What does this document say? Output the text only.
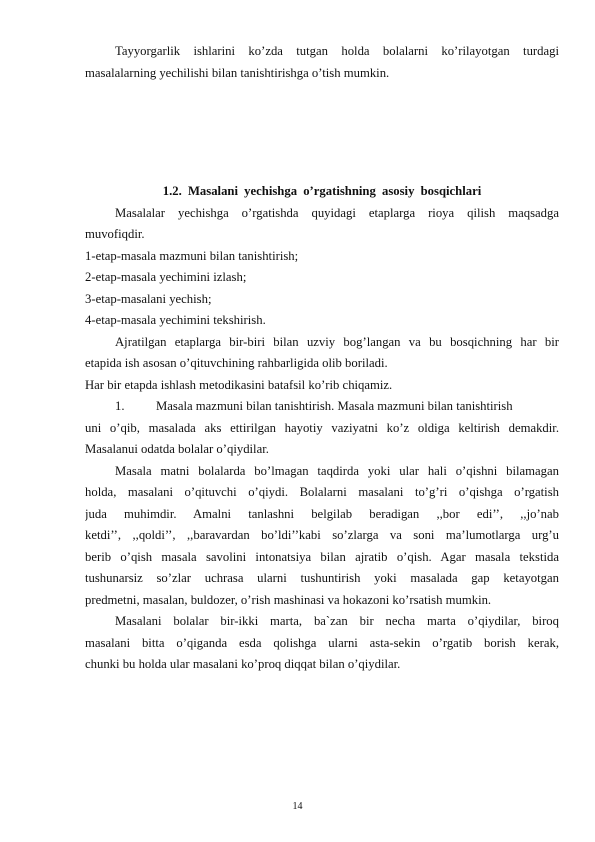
Tayyorgarlik ishlarini ko’zda tutgan holda bolalarni ko’rilayotgan turdagi
masalalarning yechilishi bilan tanishtirishga o’tish mumkin.
1.2. Masalani yechishga o’rgatishning asosiy bosqichlari
Masalalar yechishga o’rgatishda quyidagi etaplarga rioya qilish maqsadga
muvofiqdir.
1-etap-masala mazmuni bilan tanishtirish;
2-etap-masala yechimini izlash;
3-etap-masalani yechish;
4-etap-masala yechimini tekshirish.
Ajratilgan etaplarga bir-biri bilan uzviy bog’langan va bu bosqichning har bir
etapida ish asosan o’qituvchining rahbarligida olib boriladi.
Har bir etapda ishlash metodikasini batafsil ko’rib chiqamiz.
1. Masala mazmuni bilan tanishtirish. Masala mazmuni bilan tanishtirish
uni o’qib, masalada aks ettirilgan hayotiy vaziyatni ko’z oldiga keltirish demakdir.
Masalanui odatda bolalar o’qiydilar.
Masala matni bolalarda bo’lmagan taqdirda yoki ular hali o’qishni bilamagan
holda, masalani o’qituvchi o’qiydi. Bolalarni masalani to’g’ri o’qishga o’rgatish
juda muhimdir. Amalni tanlashni belgilab beradigan ,,bor edi’’, ,,jo’nab
ketdi’’, ,,qoldi’’, ,,baravardan bo’ldi’’kabi so’zlarga va soni ma’lumotlarga urg’u
berib o’qish masala savolini intonatsiya bilan ajratib o’qish. Agar masala tekstida
tushunarsiz so’zlar uchrasa ularni tushuntirish yoki masalada gap ketayotgan
predmetni, masalan, buldozer, o’rish mashinasi va hokazoni ko’rsatish mumkin.
Masalani bolalar bir-ikki marta, ba`zan bir necha marta o’qiydilar, biroq
masalani bitta o’qiganda esda qolishga ularni asta-sekin o’rgatib borish kerak,
chunki bu holda ular masalani ko’proq diqqat bilan o’qiydilar.
14
